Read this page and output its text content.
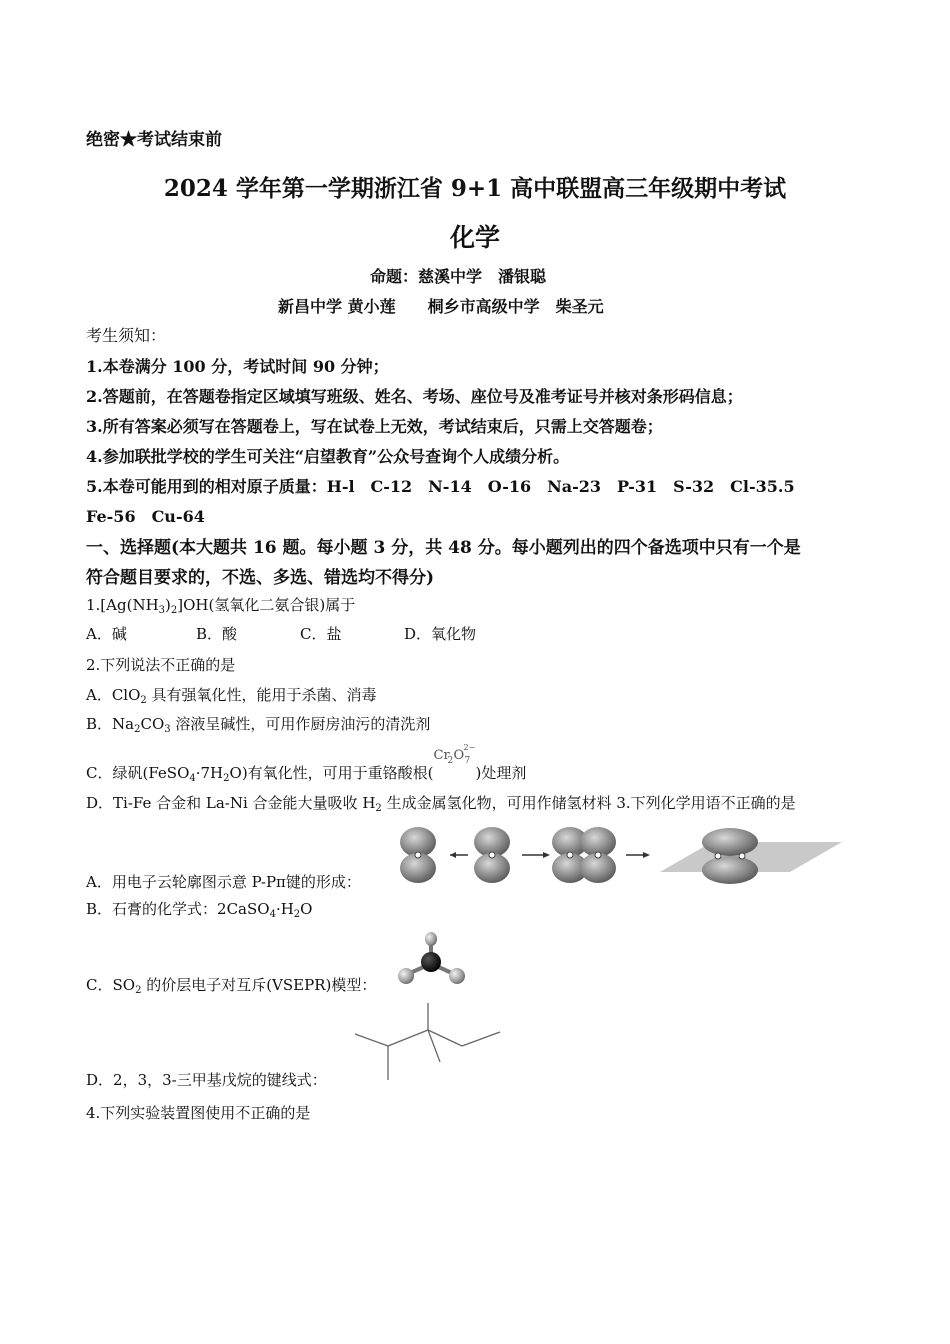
绝密★考试结束前
2024 学年第一学期浙江省 9+1 高中联盟高三年级期中考试
化学
命题：慈溪中学　潘银聪
新昌中学 黄小莲　　桐乡市高级中学　柴圣元
考生须知：
1.本卷满分 100 分，考试时间 90 分钟；
2.答题前，在答题卷指定区域填写班级、姓名、考场、座位号及准考证号并核对条形码信息；
3.所有答案必须写在答题卷上，写在试卷上无效，考试结束后，只需上交答题卷；
4.参加联批学校的学生可关注“启望教育”公众号查询个人成绩分析。
5.本卷可能用到的相对原子质量：H-l　C-12　N-14　O-16　Na-23　P-31　S-32　Cl-35.5
Fe-56　Cu-64
一、选择题(本大题共 16 题。每小题 3 分，共 48 分。每小题列出的四个备选项中只有一个是
符合题目要求的，不选、多选、错选均不得分)
$1.[Ag(NH_3)_2]OH$(氢氧化二氨合银)属于
A．碱	B．酸	C．盐	D．氧化物
2.下列说法不正确的是
A．ClO$_2$ 具有强氧化性，能用于杀菌、消毒
B．$Na_2CO_3$ 溶液呈碱性，可用作厨房油污的清洗剂
C．绿矾$(FeSO_4\cdot 7H_2O)$有氧化性，可用于重铬酸根(
Cr
2 O 7
2−
)处理剂
D．Ti-Fe 合金和 La-Ni 合金能大量吸收 $H_2$ 生成金属氢化物，可用作储氢材料 3.下列化学用语不正确的是
A．用电子云轮廓图示意 P-Pπ键的形成：
B．石膏的化学式：$2CaSO_4\cdot H_2O$
C．$SO_2$ 的价层电子对互斥(VSEPR)模型：
D．2，3，3-三甲基戊烷的键线式：
4.下列实验装置图使用不正确的是
